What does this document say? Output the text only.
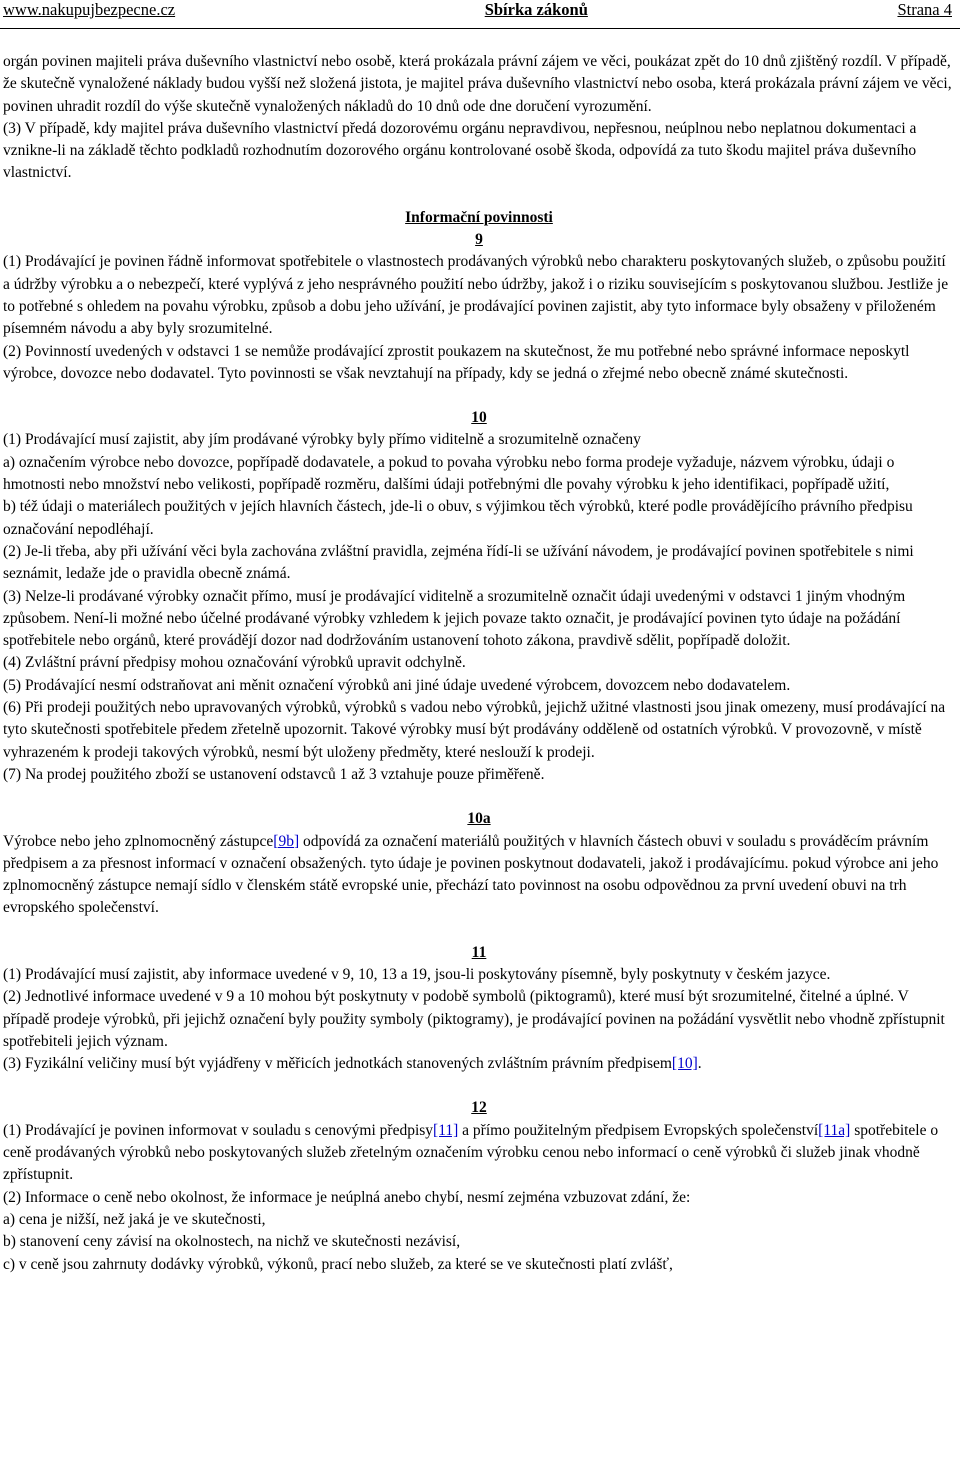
www.nakupujbezpecne.cz	Sbírka zákonů	Strana 4

orgán povinen majiteli práva duševního vlastnictví nebo osobě, která prokázala právní zájem ve věci, poukázat zpět do 10 dnů zjištěný rozdíl. V případě, že skutečně vynaložené náklady budou vyšší než složená jistota, je majitel práva duševního vlastnictví nebo osoba, která prokázala právní zájem ve věci, povinen uhradit rozdíl do výše skutečně vynaložených nákladů do 10 dnů ode dne doručení vyrozumění.

(3) V případě, kdy majitel práva duševního vlastnictví předá dozorovému orgánu nepravdivou, nepřesnou, neúplnou nebo neplatnou dokumentaci a vznikne-li na základě těchto podkladů rozhodnutím dozorového orgánu kontrolované osobě škoda, odpovídá za tuto škodu majitel práva duševního vlastnictví.

Informační povinnosti

9

(1) Prodávající je povinen řádně informovat spotřebitele o vlastnostech prodávaných výrobků nebo charakteru poskytovaných služeb, o způsobu použití a údržby výrobku a o nebezpečí, které vyplývá z jeho nesprávného použití nebo údržby, jakož i o riziku souvisejícím s poskytovanou službou. Jestliže je to potřebné s ohledem na povahu výrobku, způsob a dobu jeho užívání, je prodávající povinen zajistit, aby tyto informace byly obsaženy v přiloženém písemném návodu a aby byly srozumitelné.

(2) Povinností uvedených v odstavci 1 se nemůže prodávající zprostit poukazem na skutečnost, že mu potřebné nebo správné informace neposkytl výrobce, dovozce nebo dodavatel. Tyto povinnosti se však nevztahují na případy, kdy se jedná o zřejmé nebo obecně známé skutečnosti.

10

(1) Prodávající musí zajistit, aby jím prodávané výrobky byly přímo viditelně a srozumitelně označeny

a) označením výrobce nebo dovozce, popřípadě dodavatele, a pokud to povaha výrobku nebo forma prodeje vyžaduje, názvem výrobku, údaji o hmotnosti nebo množství nebo velikosti, popřípadě rozměru, dalšími údaji potřebnými dle povahy výrobku k jeho identifikaci, popřípadě užití,

b) též údaji o materiálech použitých v jejích hlavních částech, jde-li o obuv, s výjimkou těch výrobků, které podle provádějícího právního předpisu označování nepodléhají.

(2) Je-li třeba, aby při užívání věci byla zachována zvláštní pravidla, zejména řídí-li se užívání návodem, je prodávající povinen spotřebitele s nimi seznámit, ledaže jde o pravidla obecně známá.

(3) Nelze-li prodávané výrobky označit přímo, musí je prodávající viditelně a srozumitelně označit údaji uvedenými v odstavci 1 jiným vhodným způsobem. Není-li možné nebo účelné prodávané výrobky vzhledem k jejich povaze takto označit, je prodávající povinen tyto údaje na požádání spotřebitele nebo orgánů, které provádějí dozor nad dodržováním ustanovení tohoto zákona, pravdivě sdělit, popřípadě doložit.

(4) Zvláštní právní předpisy mohou označování výrobků upravit odchylně.

(5) Prodávající nesmí odstraňovat ani měnit označení výrobků ani jiné údaje uvedené výrobcem, dovozcem nebo dodavatelem.

(6) Při prodeji použitých nebo upravovaných výrobků, výrobků s vadou nebo výrobků, jejichž užitné vlastnosti jsou jinak omezeny, musí prodávající na tyto skutečnosti spotřebitele předem zřetelně upozornit. Takové výrobky musí být prodávány odděleně od ostatních výrobků. V provozovně, v místě vyhrazeném k prodeji takových výrobků, nesmí být uloženy předměty, které neslouží k prodeji.

(7) Na prodej použitého zboží se ustanovení odstavců 1 až 3 vztahuje pouze přiměřeně.

10a

Výrobce nebo jeho zplnomocněný zástupce[9b] odpovídá za označení materiálů použitých v hlavních částech obuvi v souladu s prováděcím právním předpisem a za přesnost informací v označení obsažených. tyto údaje je povinen poskytnout dodavateli, jakož i prodávajícímu. pokud výrobce ani jeho zplnomocněný zástupce nemají sídlo v členském státě evropské unie, přechází tato povinnost na osobu odpovědnou za první uvedení obuvi na trh evropského společenství.

11

(1) Prodávající musí zajistit, aby informace uvedené v 9, 10, 13 a 19, jsou-li poskytovány písemně, byly poskytnuty v českém jazyce.

(2) Jednotlivé informace uvedené v 9 a 10 mohou být poskytnuty v podobě symbolů (piktogramů), které musí být srozumitelné, čitelné a úplné. V případě prodeje výrobků, při jejichž označení byly použity symboly (piktogramy), je prodávající povinen na požádání vysvětlit nebo vhodně zpřístupnit spotřebiteli jejich význam.

(3) Fyzikální veličiny musí být vyjádřeny v měřicích jednotkách stanovených zvláštním právním předpisem[10].

12

(1) Prodávající je povinen informovat v souladu s cenovými předpisy[11] a přímo použitelným předpisem Evropských společenství[11a] spotřebitele o ceně prodávaných výrobků nebo poskytovaných služeb zřetelným označením výrobku cenou nebo informací o ceně výrobků či služeb jinak vhodně zpřístupnit.

(2) Informace o ceně nebo okolnost, že informace je neúplná anebo chybí, nesmí zejména vzbuzovat zdání, že:

a) cena je nižší, než jaká je ve skutečnosti,

b) stanovení ceny závisí na okolnostech, na nichž ve skutečnosti nezávisí,

c) v ceně jsou zahrnuty dodávky výrobků, výkonů, prací nebo služeb, za které se ve skutečnosti platí zvlášť,
